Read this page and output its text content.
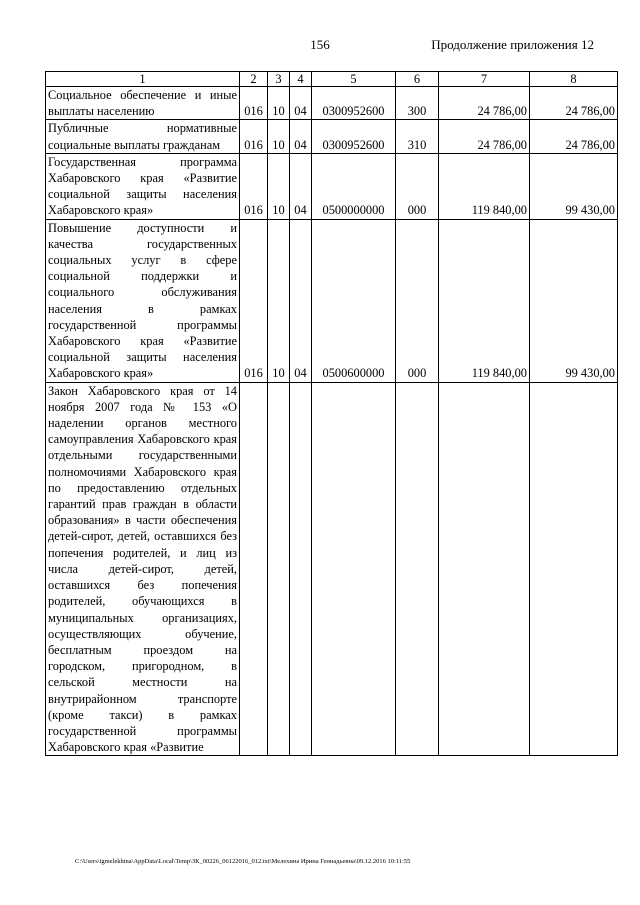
156	Продолжение приложения 12
1	2	3	4	5	6	7	8
Социальное обеспечение и иные выплаты населению	016	10	04	0300952600	300	24 786,00	24 786,00
Публичные нормативные социальные выплаты гражданам	016	10	04	0300952600	310	24 786,00	24 786,00
Государственная программа Хабаровского края «Развитие социальной защиты населения Хабаровского края»	016	10	04	0500000000	000	119 840,00	99 430,00
Повышение доступности и качества государственных социальных услуг в сфере социальной поддержки и социального обслуживания населения в рамках государственной программы Хабаровского края «Развитие социальной защиты населения Хабаровского края»	016	10	04	0500600000	000	119 840,00	99 430,00
Закон Хабаровского края от 14 ноября 2007 года № 153 «О наделении органов местного самоуправления Хабаровского края отдельными государственными полномочиями Хабаровского края по предоставлению отдельных гарантий прав граждан в области образования» в части обеспечения детей-сирот, детей, оставшихся без попечения родителей, и лиц из числа детей-сирот, детей, оставшихся без попечения родителей, обучающихся в муниципальных организациях, осуществляющих обучение, бесплатным проездом на городском, пригородном, в сельской местности на внутрирайонном транспорте (кроме такси) в рамках государственной программы Хабаровского края «Развитие							
C:\Users\igmelekhina\AppData\Local\Temp\ЗК_00226_06122016_012.txt\Мелехина Ирина Геннадьевна\09.12.2016 10:11:55
